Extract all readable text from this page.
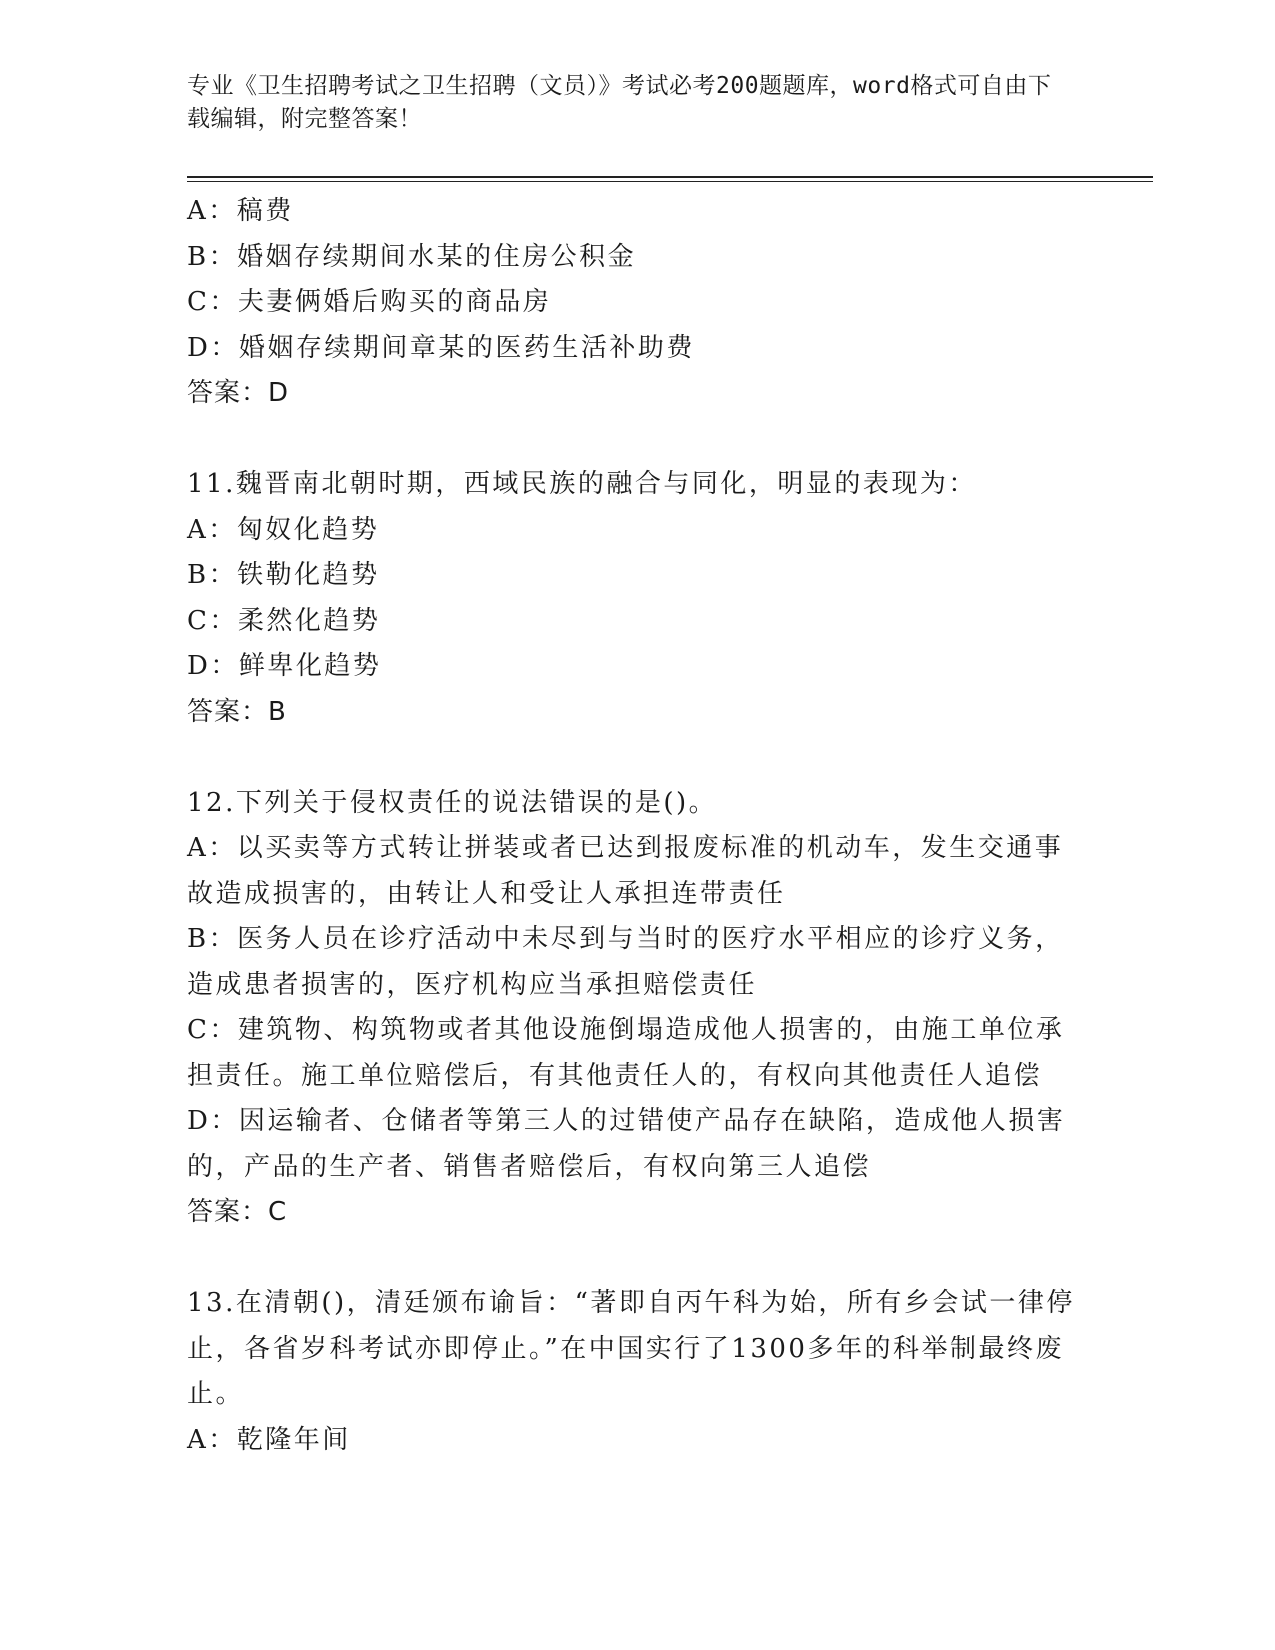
专业《卫生招聘考试之卫生招聘（文员）》考试必考200题题库，word格式可自由下载编辑，附完整答案！
A：稿费
B：婚姻存续期间水某的住房公积金
C：夫妻俩婚后购买的商品房
D：婚姻存续期间章某的医药生活补助费
答案：D
11.魏晋南北朝时期，西域民族的融合与同化，明显的表现为：
A：匈奴化趋势
B：铁勒化趋势
C：柔然化趋势
D：鲜卑化趋势
答案：B
12.下列关于侵权责任的说法错误的是()。
A：以买卖等方式转让拼装或者已达到报废标准的机动车，发生交通事故造成损害的，由转让人和受让人承担连带责任
B：医务人员在诊疗活动中未尽到与当时的医疗水平相应的诊疗义务，造成患者损害的，医疗机构应当承担赔偿责任
C：建筑物、构筑物或者其他设施倒塌造成他人损害的，由施工单位承担责任。施工单位赔偿后，有其他责任人的，有权向其他责任人追偿
D：因运输者、仓储者等第三人的过错使产品存在缺陷，造成他人损害的，产品的生产者、销售者赔偿后，有权向第三人追偿
答案：C
13.在清朝()，清廷颁布谕旨：“著即自丙午科为始，所有乡会试一律停止，各省岁科考试亦即停止。”在中国实行了1300多年的科举制最终废止。
A：乾隆年间
